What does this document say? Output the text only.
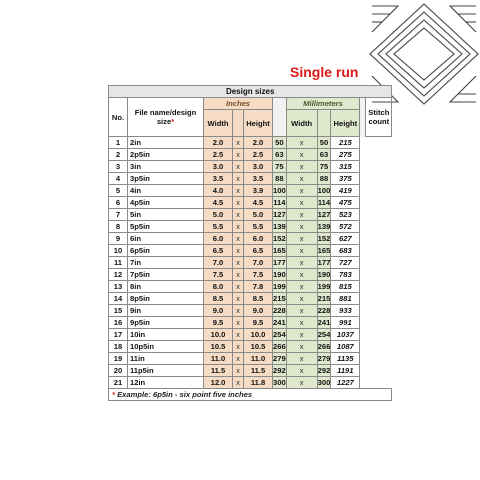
Single run
Design sizes										
No.	File name/design size*	Inches				Millimeters				Stitch count
		Width		Height		Width		Height		
1	2in	2.0	x	2.0	50	x	50	215		
2	2p5in	2.5	x	2.5	63	x	63	275		
3	3in	3.0	x	3.0	75	x	75	315		
4	3p5in	3.5	x	3.5	88	x	88	375		
5	4in	4.0	x	3.9	100	x	100	419		
6	4p5in	4.5	x	4.5	114	x	114	475		
7	5in	5.0	x	5.0	127	x	127	523		
8	5p5in	5.5	x	5.5	139	x	139	572		
9	6in	6.0	x	6.0	152	x	152	627		
10	6p5in	6.5	x	6.5	165	x	165	683		
11	7in	7.0	x	7.0	177	x	177	727		
12	7p5in	7.5	x	7.5	190	x	190	783		
13	8in	8.0	x	7.8	199	x	199	815		
14	8p5in	8.5	x	8.5	215	x	215	881		
15	9in	9.0	x	9.0	228	x	228	933		
16	9p5in	9.5	x	9.5	241	x	241	991		
17	10in	10.0	x	10.0	254	x	254	1037		
18	10p5in	10.5	x	10.5	266	x	266	1087		
19	11in	11.0	x	11.0	279	x	279	1135		
20	11p5in	11.5	x	11.5	292	x	292	1191		
21	12in	12.0	x	11.8	300	x	300	1227		
* Example: 6p5in - six point five inches										
